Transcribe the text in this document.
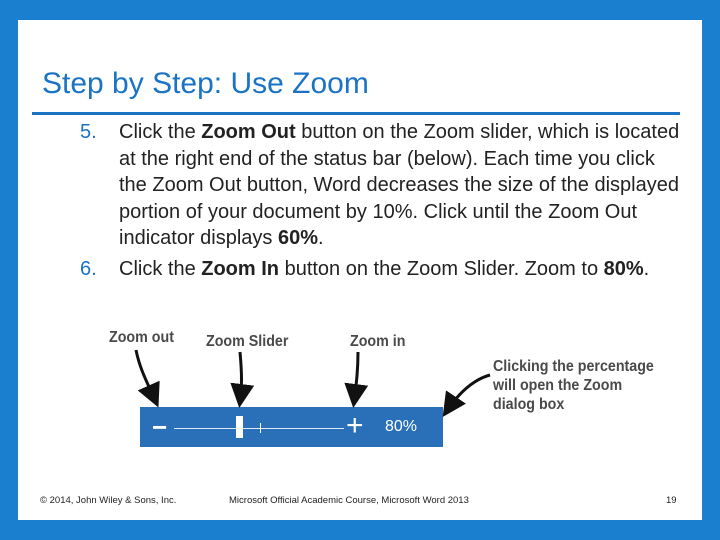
Step by Step: Use Zoom
5. Click the Zoom Out button on the Zoom slider, which is located at the right end of the status bar (below). Each time you click the Zoom Out button, Word decreases the size of the displayed portion of your document by 10%. Click until the Zoom Out indicator displays 60%.
6. Click the Zoom In button on the Zoom Slider. Zoom to 80%.
Zoom out Zoom Slider	Zoom in
Clicking the percentage
will open the Zoom
dialog box
−	+ 80%
© 2014, John Wiley & Sons, Inc.	Microsoft Official Academic Course, Microsoft Word 2013	19
